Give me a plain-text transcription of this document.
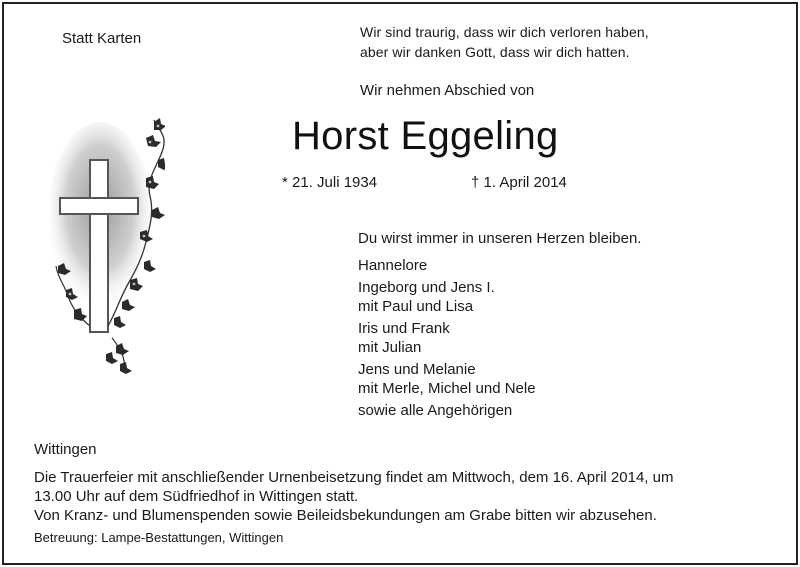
Statt Karten	Wir sind traurig, dass wir dich verloren haben,
aber wir danken Gott, dass wir dich hatten.
Wir nehmen Abschied von
Horst Eggeling
* 21. Juli 1934	† 1. April 2014
Du wirst immer in unseren Herzen bleiben.
Hannelore
Ingeborg und Jens I.
mit Paul und Lisa
Iris und Frank
mit Julian
Jens und Melanie
mit Merle, Michel und Nele
sowie alle Angehörigen
Wittingen
Die Trauerfeier mit anschließender Urnenbeisetzung findet am Mittwoch, dem 16. April 2014, um
13.00 Uhr auf dem Südfriedhof in Wittingen statt.
Von Kranz- und Blumenspenden sowie Beileidsbekundungen am Grabe bitten wir abzusehen.
Betreuung: Lampe-Bestattungen, Wittingen
